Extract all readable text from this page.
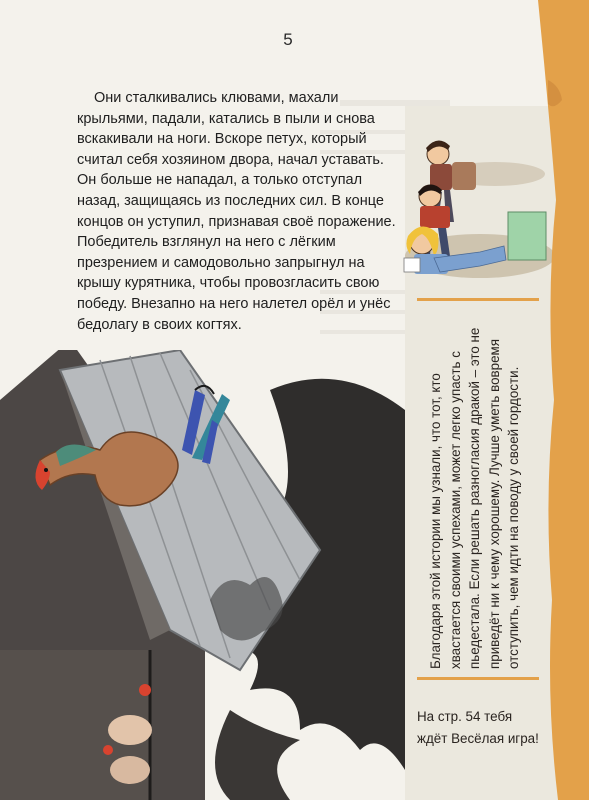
5

Они сталкивались клювами, махали крыльями, падали, катались в пыли и снова вскакивали на ноги. Вскоре петух, который считал себя хозяином двора, начал уставать. Он больше не нападал, а только отступал назад, защищаясь из последних сил. В конце концов он уступил, признавая своё поражение. Победитель взглянул на него с лёгким презрением и самодовольно запрыгнул на крышу курятника, чтобы провозгласить свою победу. Внезапно на него налетел орёл и унёс бедолагу в своих когтях.

Благодаря этой истории мы узнали, что тот, кто хвастается своими успехами, может легко упасть с пьедестала. Если решать разногласия дракой – это не приведёт ни к чему хорошему. Лучше уметь вовремя отступить, чем идти на поводу у своей гордости.
На стр. 54 тебя
ждёт Весёлая игра!
